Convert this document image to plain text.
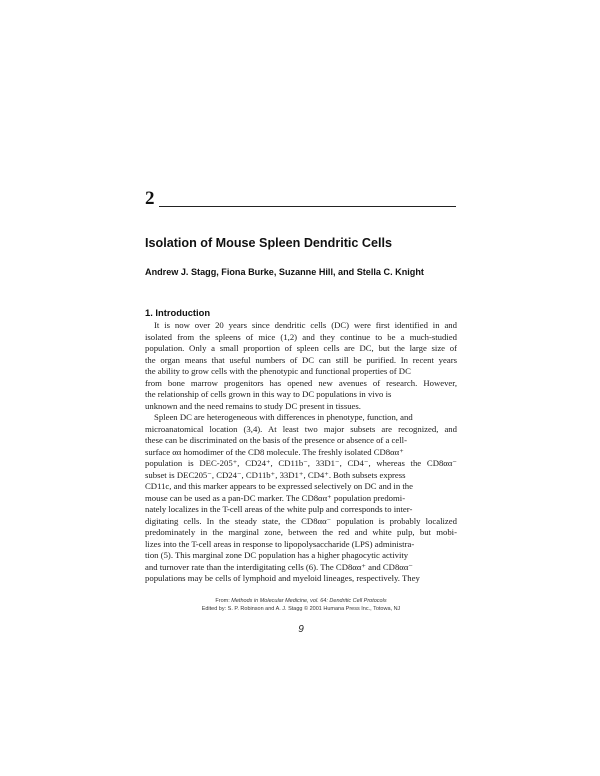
2
Isolation of Mouse Spleen Dendritic Cells
Andrew J. Stagg, Fiona Burke, Suzanne Hill, and Stella C. Knight
1. Introduction
It is now over 20 years since dendritic cells (DC) were first identified in and
isolated from the spleens of mice (1,2) and they continue to be a much-studied
population. Only a small proportion of spleen cells are DC, but the large size of
the organ means that useful numbers of DC can still be purified. In recent years
the ability to grow cells with the phenotypic and functional properties of DC
from bone marrow progenitors has opened new avenues of research. However,
the relationship of cells grown in this way to DC populations in vivo is
unknown and the need remains to study DC present in tissues.
Spleen DC are heterogeneous with differences in phenotype, function, and
microanatomical location (3,4). At least two major subsets are recognized, and
these can be discriminated on the basis of the presence or absence of a cell-
surface αα homodimer of the CD8 molecule. The freshly isolated CD8αα⁺
population is DEC-205⁺, CD24⁺, CD11b⁻, 33D1⁻, CD4⁻, whereas the CD8αα⁻
subset is DEC205⁻, CD24⁻, CD11b⁺, 33D1⁺, CD4⁺. Both subsets express
CD11c, and this marker appears to be expressed selectively on DC and in the
mouse can be used as a pan-DC marker. The CD8αα⁺ population predomi-
nately localizes in the T-cell areas of the white pulp and corresponds to inter-
digitating cells. In the steady state, the CD8αα⁻ population is probably localized
predominately in the marginal zone, between the red and white pulp, but mobi-
lizes into the T-cell areas in response to lipopolysaccharide (LPS) administra-
tion (5). This marginal zone DC population has a higher phagocytic activity
and turnover rate than the interdigitating cells (6). The CD8αα⁺ and CD8αα⁻
populations may be cells of lymphoid and myeloid lineages, respectively. They
From: Methods in Molecular Medicine, vol. 64: Dendritic Cell Protocols
Edited by: S. P. Robinson and A. J. Stagg © 2001 Humana Press Inc., Totowa, NJ
9
